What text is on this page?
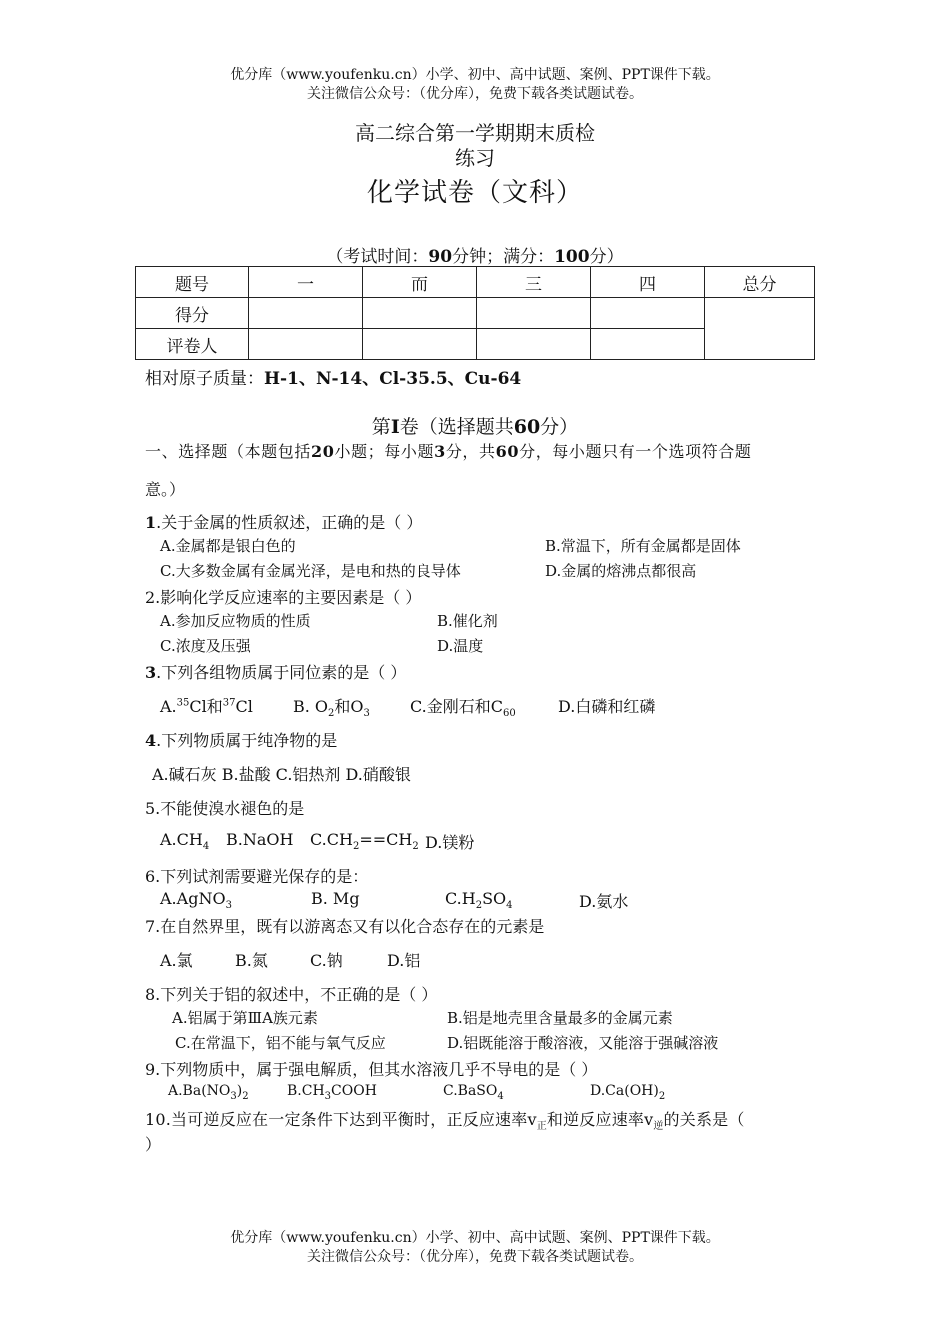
优分库（www.youfenku.cn）小学、初中、高中试题、案例、PPT课件下载。
关注微信公众号：（优分库），免费下载各类试题试卷。
高二综合第一学期期末质检
练习
化学试卷（文科）
（考试时间：90分钟；满分：100分）
题号	一	而	三	四	总分
得分					
评卷人					
相对原子质量：H-1、N-14、Cl-35.5、Cu-64
第I卷（选择题共60分）
一、选择题（本题包括20小题；每小题3分，共60分，每小题只有一个选项符合题
意。）
1.关于金属的性质叙述，正确的是（ ）
A.金属都是银白色的	B.常温下，所有金属都是固体
C.大多数金属有金属光泽，是电和热的良导体	D.金属的熔沸点都很高
2.影响化学反应速率的主要因素是（ ）
A.参加反应物质的性质	B.催化剂
C.浓度及压强	D.温度
3.下列各组物质属于同位素的是（ ）
A.$^{35}$Cl和$^{37}$Cl	B. $O_2$和$O_3$	C.金刚石和$C_{60}$	D.白磷和红磷
4.下列物质属于纯净物的是
A.碱石灰 B.盐酸 C.铝热剂 D.硝酸银
5.不能使溴水褪色的是
$A.CH_4$ B.NaOH $C.CH_2==CH_2$ D.镁粉
6.下列试剂需要避光保存的是：
A.AgNO$_3$	B. Mg	$C.H_2SO_4$	D.氨水
7.在自然界里，既有以游离态又有以化合态存在的元素是
A.氯	B.氮	C.钠	D.铝
8.下列关于铝的叙述中，不正确的是（ ）
A.铝属于第ⅢA族元素	B.铝是地壳里含量最多的金属元素
C.在常温下，铝不能与氧气反应	D.铝既能溶于酸溶液，又能溶于强碱溶液
9.下列物质中，属于强电解质，但其水溶液几乎不导电的是（ ）
$A.Ba(NO_3)_2$	$B.CH_3COOH$	C.BaSO$_4$	$D.Ca(OH)_2$
10.当可逆反应在一定条件下达到平衡时，正反应速率$v_正$和逆反应速率$v_逆$的关系是（
）
优分库（www.youfenku.cn）小学、初中、高中试题、案例、PPT课件下载。
关注微信公众号：（优分库），免费下载各类试题试卷。
